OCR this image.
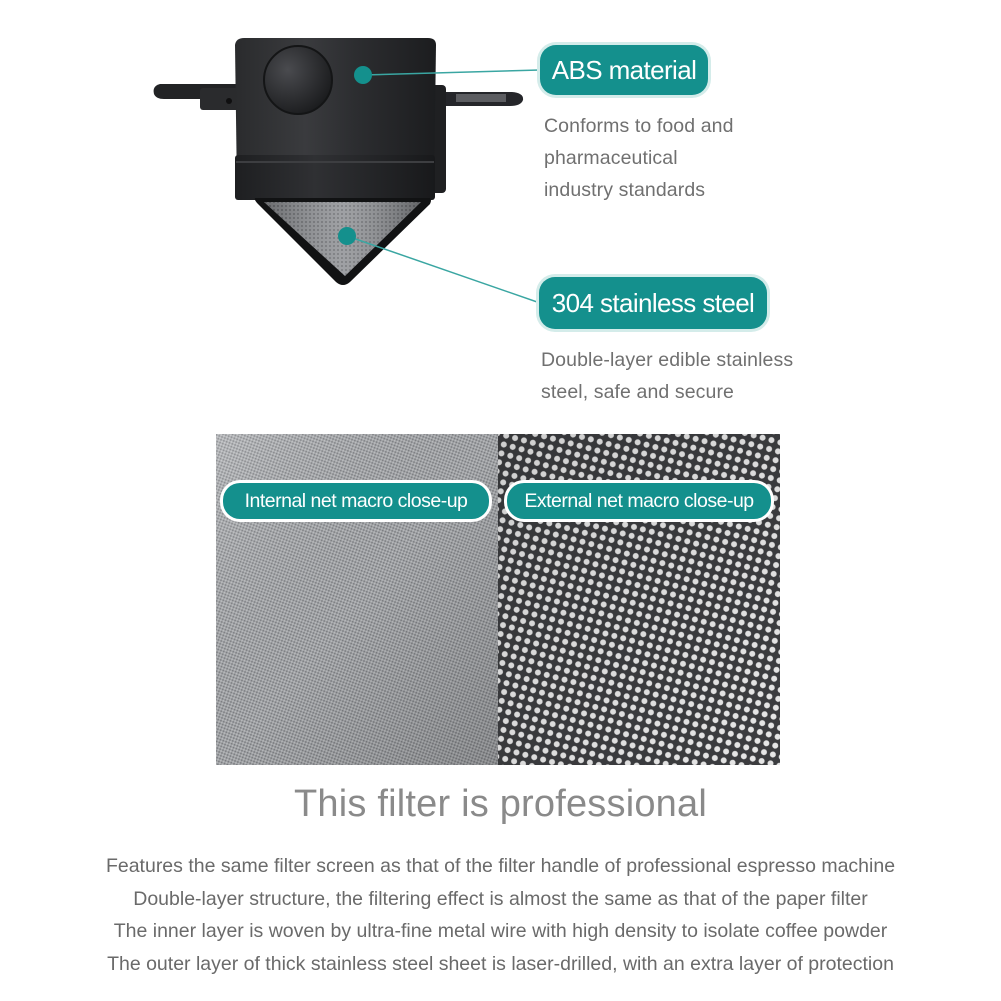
ABS material
Conforms to food and
pharmaceutical
industry standards
304 stainless steel
Double-layer edible stainless
steel, safe and secure
Internal net macro close-up	External net macro close-up
This filter is professional
Features the same filter screen as that of the filter handle of professional espresso machine
Double-layer structure, the filtering effect is almost the same as that of the paper filter
The inner layer is woven by ultra-fine metal wire with high density to isolate coffee powder
The outer layer of thick stainless steel sheet is laser-drilled, with an extra layer of protection
